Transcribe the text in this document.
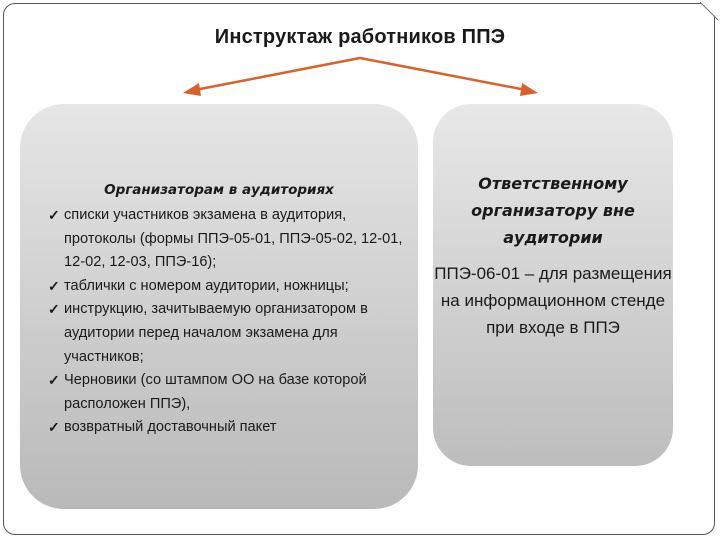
Инструктаж работников ППЭ
Организаторам в аудиториях
✓ списки участников экзамена в аудитория, протоколы (формы ППЭ-05-01, ППЭ-05-02, 12-01, 12-02, 12-03, ППЭ-16);
✓ таблички с номером аудитории, ножницы;
✓ инструкцию, зачитываемую организатором в аудитории перед началом экзамена для участников;
✓ Черновики (со штампом ОО на базе которой расположен ППЭ),
✓ возвратный доставочный пакет
Ответственному организатору вне аудитории
ППЭ-06-01 – для размещения на информационном стенде при входе в ППЭ
